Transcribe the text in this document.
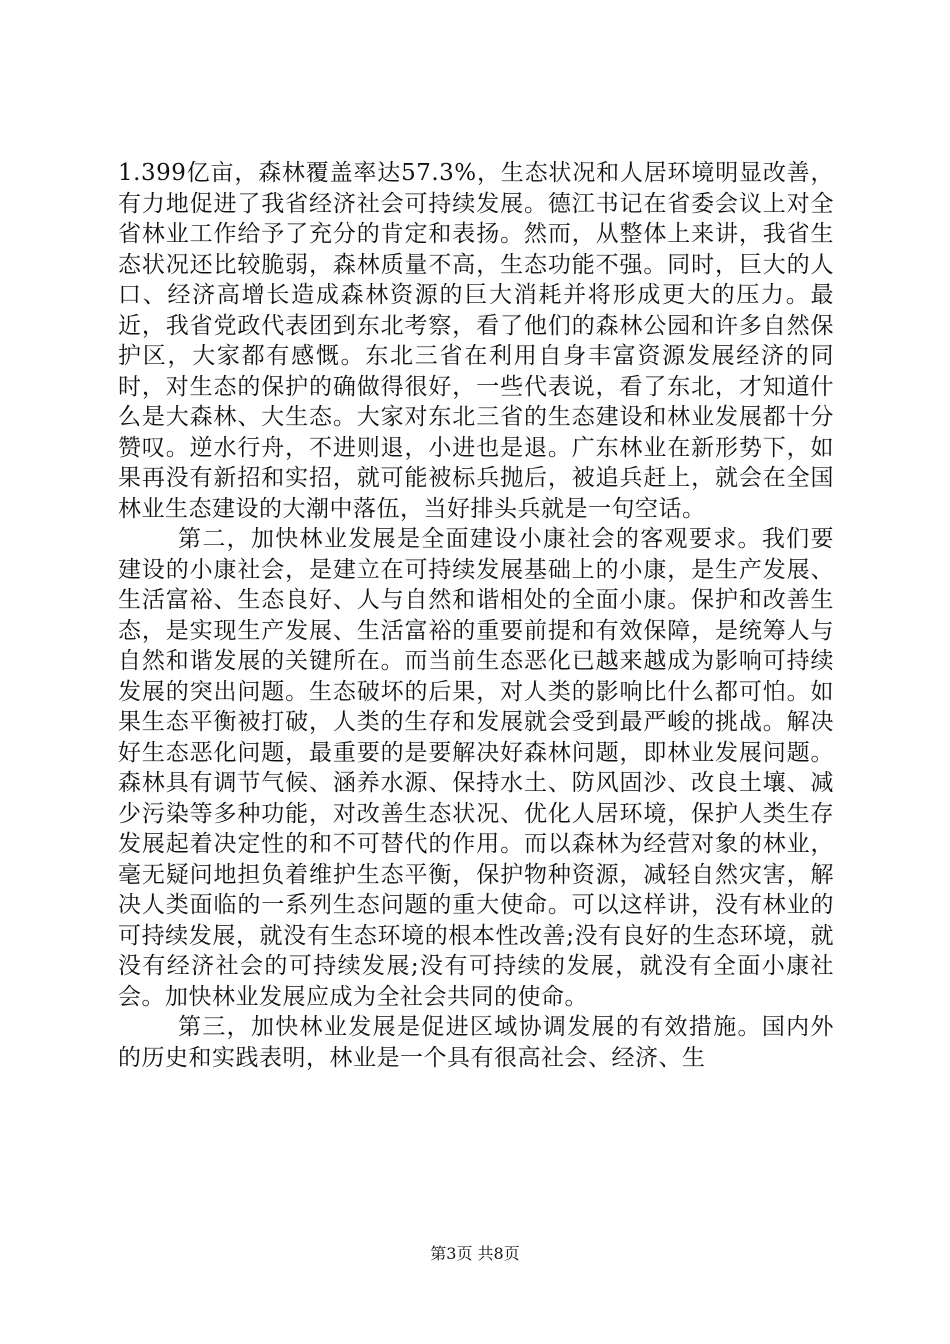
1.399亿亩，森林覆盖率达57.3%，生态状况和人居环境明显改善，有力地促进了我省经济社会可持续发展。德江书记在省委会议上对全省林业工作给予了充分的肯定和表扬。然而，从整体上来讲，我省生态状况还比较脆弱，森林质量不高，生态功能不强。同时，巨大的人口、经济高增长造成森林资源的巨大消耗并将形成更大的压力。最近，我省党政代表团到东北考察，看了他们的森林公园和许多自然保护区，大家都有感慨。东北三省在利用自身丰富资源发展经济的同时，对生态的保护的确做得很好，一些代表说，看了东北，才知道什么是大森林、大生态。大家对东北三省的生态建设和林业发展都十分赞叹。逆水行舟，不进则退，小进也是退。广东林业在新形势下，如果再没有新招和实招，就可能被标兵抛后，被追兵赶上，就会在全国林业生态建设的大潮中落伍，当好排头兵就是一句空话。

第二，加快林业发展是全面建设小康社会的客观要求。我们要建设的小康社会，是建立在可持续发展基础上的小康，是生产发展、生活富裕、生态良好、人与自然和谐相处的全面小康。保护和改善生态，是实现生产发展、生活富裕的重要前提和有效保障，是统筹人与自然和谐发展的关键所在。而当前生态恶化已越来越成为影响可持续发展的突出问题。生态破坏的后果，对人类的影响比什么都可怕。如果生态平衡被打破，人类的生存和发展就会受到最严峻的挑战。解决好生态恶化问题，最重要的是要解决好森林问题，即林业发展问题。森林具有调节气候、涵养水源、保持水土、防风固沙、改良土壤、减少污染等多种功能，对改善生态状况、优化人居环境，保护人类生存发展起着决定性的和不可替代的作用。而以森林为经营对象的林业，毫无疑问地担负着维护生态平衡，保护物种资源，减轻自然灾害，解决人类面临的一系列生态问题的重大使命。可以这样讲，没有林业的可持续发展，就没有生态环境的根本性改善;没有良好的生态环境，就没有经济社会的可持续发展;没有可持续的发展，就没有全面小康社会。加快林业发展应成为全社会共同的使命。

第三，加快林业发展是促进区域协调发展的有效措施。国内外的历史和实践表明，林业是一个具有很高社会、经济、生

第3页 共8页
